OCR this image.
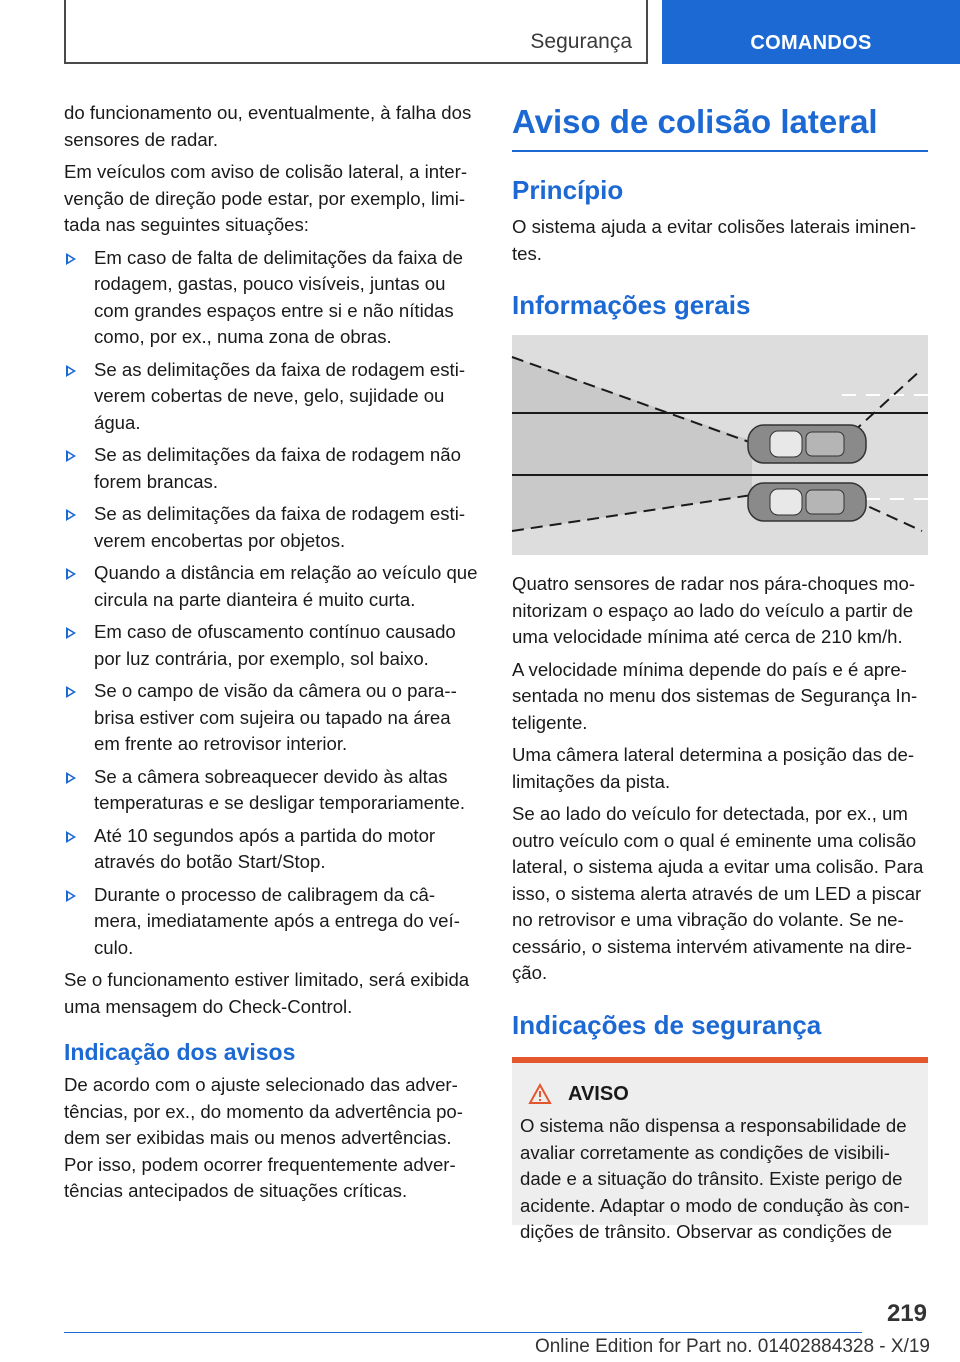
Segurança	COMANDOS

do funcionamento ou, eventualmente, à falha dos sensores de radar.

Em veículos com aviso de colisão lateral, a inter-venção de direção pode estar, por exemplo, limi-tada nas seguintes situações:

Em caso de falta de delimitações da faixa de rodagem, gastas, pouco visíveis, juntas ou com grandes espaços entre si e não nítidas como, por ex., numa zona de obras.
Se as delimitações da faixa de rodagem esti-verem cobertas de neve, gelo, sujidade ou água.
Se as delimitações da faixa de rodagem não forem brancas.
Se as delimitações da faixa de rodagem esti-verem encobertas por objetos.
Quando a distância em relação ao veículo que circula na parte dianteira é muito curta.
Em caso de ofuscamento contínuo causado por luz contrária, por exemplo, sol baixo.
Se o campo de visão da câmera ou o para--brisa estiver com sujeira ou tapado na área em frente ao retrovisor interior.
Se a câmera sobreaquecer devido às altas temperaturas e se desligar temporariamente.
Até 10 segundos após a partida do motor através do botão Start/Stop.
Durante o processo de calibragem da câ-mera, imediatamente após a entrega do veí-culo.

Se o funcionamento estiver limitado, será exibida uma mensagem do Check-Control.

Indicação dos avisos

De acordo com o ajuste selecionado das adver-tências, por ex., do momento da advertência po-dem ser exibidas mais ou menos advertências. Por isso, podem ocorrer frequentemente adver-tências antecipados de situações críticas.

Aviso de colisão lateral
Princípio

O sistema ajuda a evitar colisões laterais iminen-tes.

Informações gerais

Quatro sensores de radar nos pára-choques mo-nitorizam o espaço ao lado do veículo a partir de uma velocidade mínima até cerca de 210 km/h.

A velocidade mínima depende do país e é apre-sentada no menu dos sistemas de Segurança In-teligente.

Uma câmera lateral determina a posição das de-limitações da pista.

Se ao lado do veículo for detectada, por ex., um outro veículo com o qual é eminente uma colisão lateral, o sistema ajuda a evitar uma colisão. Para isso, o sistema alerta através de um LED a piscar no retrovisor e uma vibração do volante. Se ne-cessário, o sistema intervém ativamente na dire-ção.

Indicações de segurança
AVISO

O sistema não dispensa a responsabilidade de avaliar corretamente as condições de visibili-dade e a situação do trânsito. Existe perigo de acidente. Adaptar o modo de condução às con-dições de trânsito. Observar as condições de

219
Online Edition for Part no. 01402884328 - X/19
